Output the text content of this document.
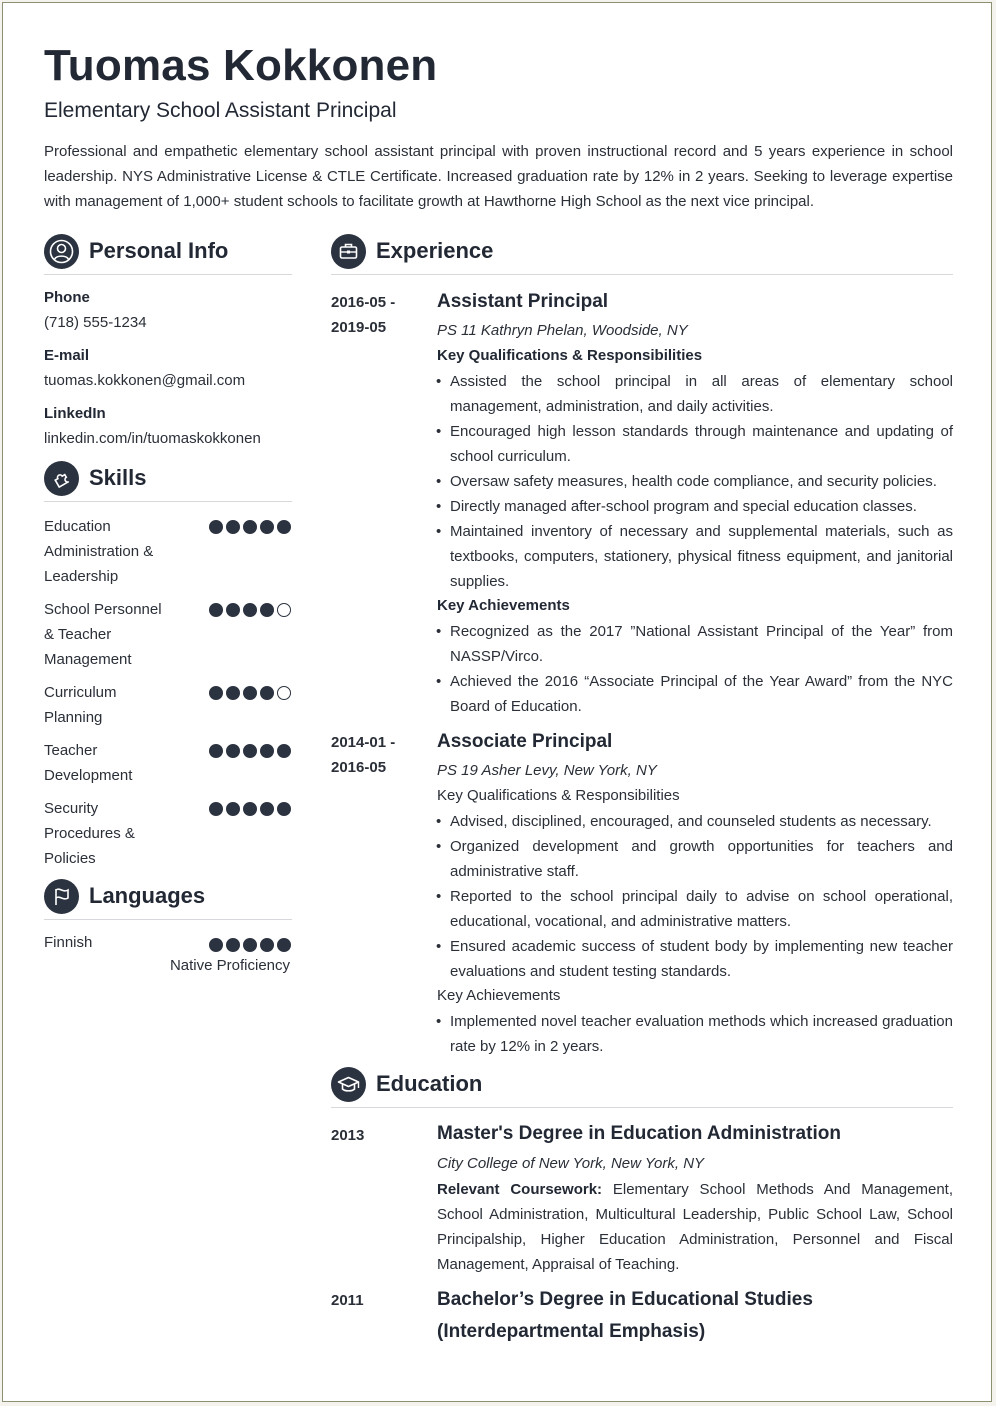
Tuomas Kokkonen
Elementary School Assistant Principal
Professional and empathetic elementary school assistant principal with proven instructional record and 5 years experience in school leadership. NYS Administrative License & CTLE Certificate. Increased graduation rate by 12% in 2 years. Seeking to leverage expertise with management of 1,000+ student schools to facilitate growth at Hawthorne High School as the next vice principal.
Personal Info
Phone
(718) 555-1234
E-mail
tuomas.kokkonen@gmail.com
LinkedIn
linkedin.com/in/tuomaskokkonen
Skills
Education Administration & Leadership
School Personnel & Teacher Management
Curriculum Planning
Teacher Development
Security Procedures & Policies
Languages
Finnish
Native Proficiency
Experience
2016-05 -
2019-05
Assistant Principal
PS 11 Kathryn Phelan, Woodside, NY
Key Qualifications & Responsibilities
• Assisted the school principal in all areas of elementary school management, administration, and daily activities.
• Encouraged high lesson standards through maintenance and updating of school curriculum.
• Oversaw safety measures, health code compliance, and security policies.
• Directly managed after-school program and special education classes.
• Maintained inventory of necessary and supplemental materials, such as textbooks, computers, stationery, physical fitness equipment, and janitorial supplies.
Key Achievements
• Recognized as the 2017 ”National Assistant Principal of the Year” from NASSP/Virco.
• Achieved the 2016 “Associate Principal of the Year Award” from the NYC Board of Education.
2014-01 -
2016-05
Associate Principal
PS 19 Asher Levy, New York, NY
Key Qualifications & Responsibilities
• Advised, disciplined, encouraged, and counseled students as necessary.
• Organized development and growth opportunities for teachers and administrative staff.
• Reported to the school principal daily to advise on school operational, educational, vocational, and administrative matters.
• Ensured academic success of student body by implementing new teacher evaluations and student testing standards.
Key Achievements
• Implemented novel teacher evaluation methods which increased graduation rate by 12% in 2 years.
Education
2013	Master's Degree in Education Administration
City College of New York, New York, NY
Relevant Coursework: Elementary School Methods And Management, School Administration, Multicultural Leadership, Public School Law, School Principalship, Higher Education Administration, Personnel and Fiscal Management, Appraisal of Teaching.
2011	Bachelor’s Degree in Educational Studies (Interdepartmental Emphasis)
